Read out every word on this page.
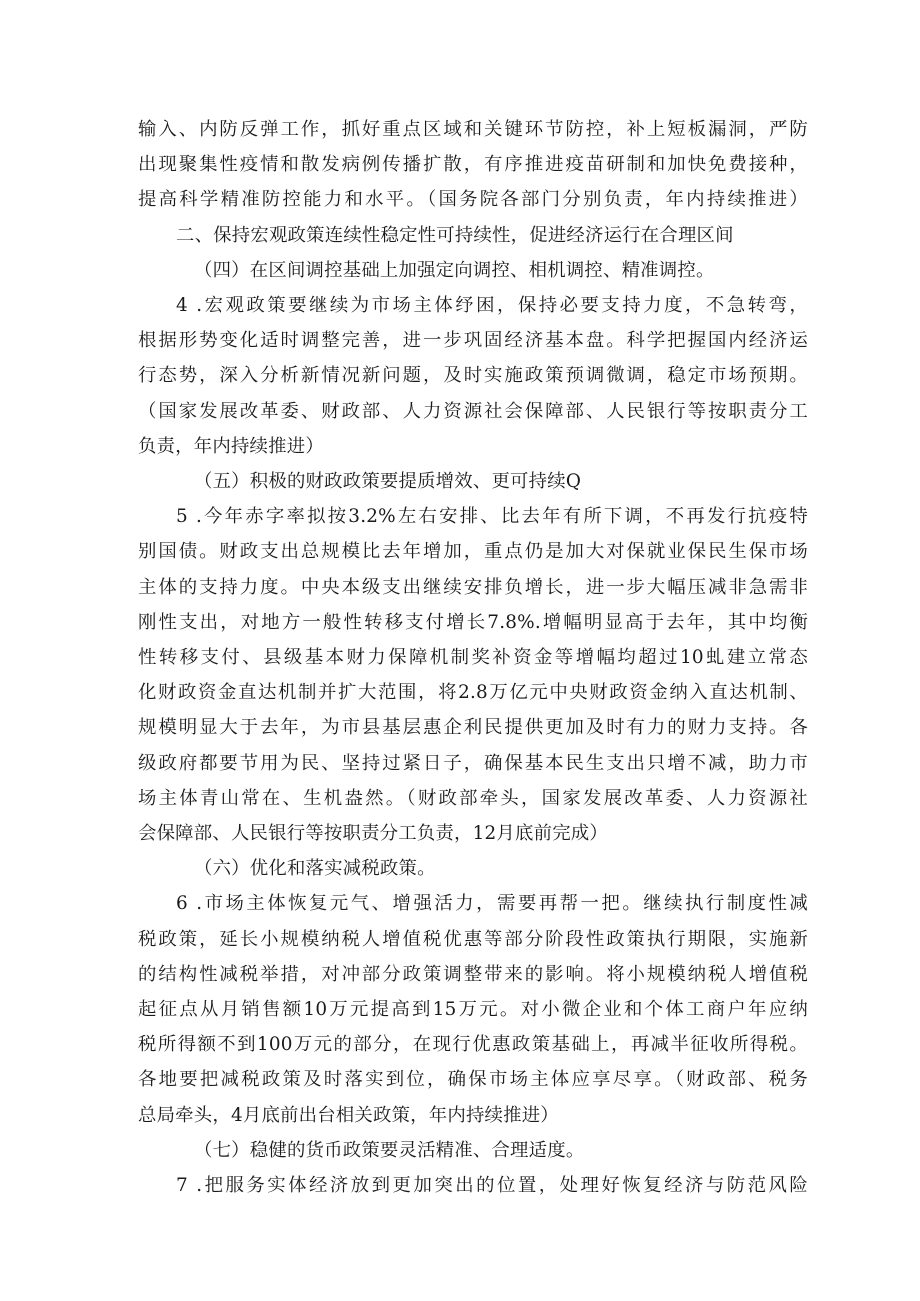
输入、内防反弹工作，抓好重点区域和关键环节防控，补上短板漏洞，严防
出现聚集性疫情和散发病例传播扩散，有序推进疫苗研制和加快免费接种，
提高科学精准防控能力和水平。（国务院各部门分别负责，年内持续推进）
二、保持宏观政策连续性稳定性可持续性，促进经济运行在合理区间
（四）在区间调控基础上加强定向调控、相机调控、精准调控。
4 .宏观政策要继续为市场主体纾困，保持必要支持力度，不急转弯，
根据形势变化适时调整完善，进一步巩固经济基本盘。科学把握国内经济运
行态势，深入分析新情况新问题，及时实施政策预调微调，稳定市场预期。
（国家发展改革委、财政部、人力资源社会保障部、人民银行等按职责分工
负责，年内持续推进）
（五）积极的财政政策要提质增效、更可持续Q
5 .今年赤字率拟按3.2%左右安排、比去年有所下调，不再发行抗疫特
别国债。财政支出总规模比去年增加，重点仍是加大对保就业保民生保市场
主体的支持力度。中央本级支出继续安排负增长，进一步大幅压减非急需非
刚性支出，对地方一般性转移支付增长7.8%.增幅明显高于去年，其中均衡
性转移支付、县级基本财力保障机制奖补资金等增幅均超过10虬建立常态
化财政资金直达机制并扩大范围，将2.8万亿元中央财政资金纳入直达机制、
规模明显大于去年，为市县基层惠企利民提供更加及时有力的财力支持。各
级政府都要节用为民、坚持过紧日子，确保基本民生支出只增不减，助力市
场主体青山常在、生机盎然。（财政部牵头，国家发展改革委、人力资源社
会保障部、人民银行等按职责分工负责，12月底前完成）
（六）优化和落实减税政策。
6 .市场主体恢复元气、增强活力，需要再帮一把。继续执行制度性减
税政策，延长小规模纳税人增值税优惠等部分阶段性政策执行期限，实施新
的结构性减税举措，对冲部分政策调整带来的影响。将小规模纳税人增值税
起征点从月销售额10万元提高到15万元。对小微企业和个体工商户年应纳
税所得额不到100万元的部分，在现行优惠政策基础上，再减半征收所得税。
各地要把减税政策及时落实到位，确保市场主体应享尽享。（财政部、税务
总局牵头，4月底前出台相关政策，年内持续推进）
（七）稳健的货币政策要灵活精准、合理适度。
7 .把服务实体经济放到更加突出的位置，处理好恢复经济与防范风险
